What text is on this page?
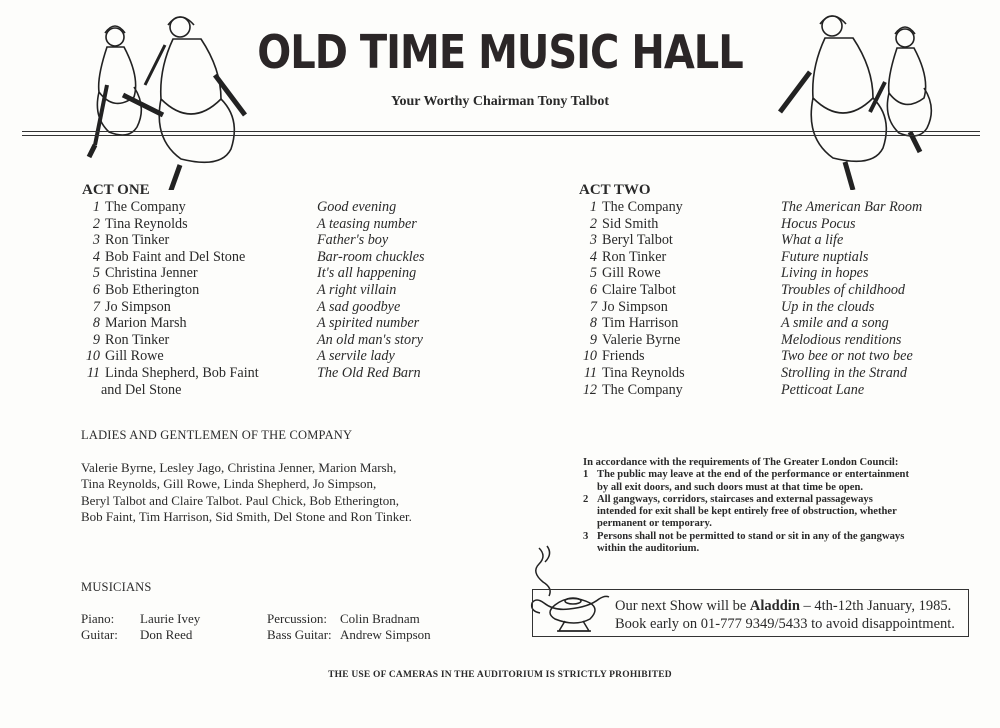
OLD TIME MUSIC HALL
Your Worthy Chairman Tony Talbot
ACT ONE
1 The Company	Good evening
2 Tina Reynolds	A teasing number
3 Ron Tinker	Father's boy
4 Bob Faint and Del Stone	Bar-room chuckles
5 Christina Jenner	It's all happening
6 Bob Etherington	A right villain
7 Jo Simpson	A sad goodbye
8 Marion Marsh	A spirited number
9 Ron Tinker	An old man's story
10 Gill Rowe	A servile lady
11 Linda Shepherd, Bob Faint	The Old Red Barn
and Del Stone
ACT TWO
1 The Company	The American Bar Room
2 Sid Smith	Hocus Pocus
3 Beryl Talbot	What a life
4 Ron Tinker	Future nuptials
5 Gill Rowe	Living in hopes
6 Claire Talbot	Troubles of childhood
7 Jo Simpson	Up in the clouds
8 Tim Harrison	A smile and a song
9 Valerie Byrne	Melodious renditions
10 Friends	Two bee or not two bee
11 Tina Reynolds	Strolling in the Strand
12 The Company	Petticoat Lane
LADIES AND GENTLEMEN OF THE COMPANY
Valerie Byrne, Lesley Jago, Christina Jenner, Marion Marsh,
Tina Reynolds, Gill Rowe, Linda Shepherd, Jo Simpson,
Beryl Talbot and Claire Talbot. Paul Chick, Bob Etherington,
Bob Faint, Tim Harrison, Sid Smith, Del Stone and Ron Tinker.
MUSICIANS
Piano: Laurie Ivey
Guitar: Don Reed
Percussion: Colin Bradnam
Bass Guitar: Andrew Simpson
In accordance with the requirements of The Greater London Council:
1 The public may leave at the end of the performance or entertainment
by all exit doors, and such doors must at that time be open.
2 All gangways, corridors, staircases and external passageways
intended for exit shall be kept entirely free of obstruction, whether
permanent or temporary.
3 Persons shall not be permitted to stand or sit in any of the gangways
within the auditorium.
Our next Show will be Aladdin – 4th-12th January, 1985.
Book early on 01-777 9349/5433 to avoid disappointment.
THE USE OF CAMERAS IN THE AUDITORIUM IS STRICTLY PROHIBITED
